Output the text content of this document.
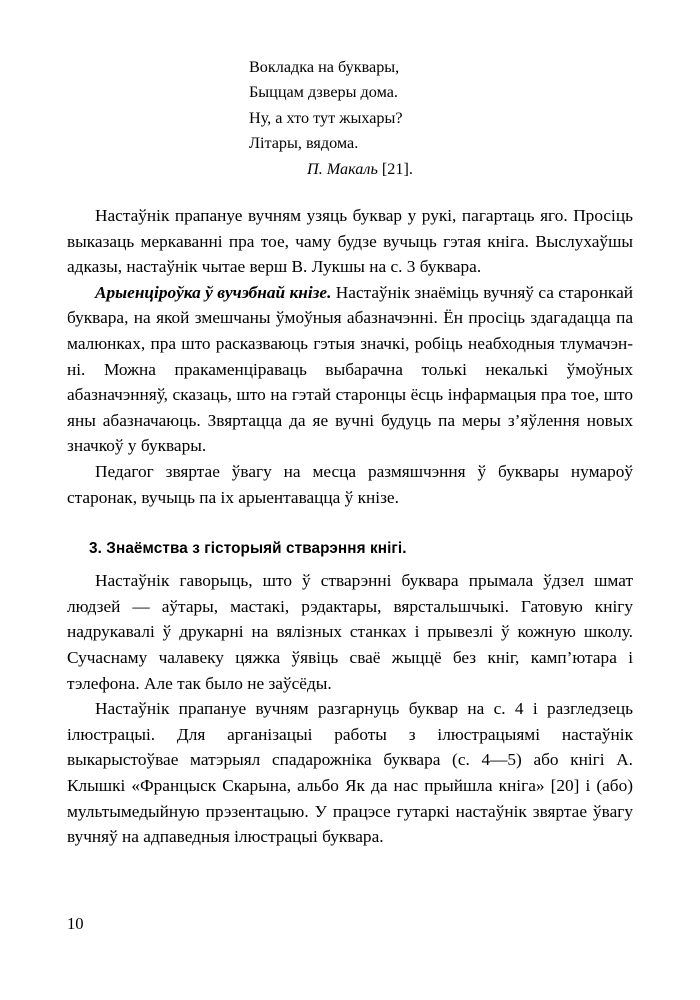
Вокладка на буквары,
Быццам дзверы дома.
Ну, а хто тут жыхары?
Літары, вядома.
П. Макаль [21].

Настаўнік прапануе вучням узяць буквар у рукі, пагартаць яго. Просіць выказаць меркаванні пра тое, чаму будзе вучыць гэтая кніга. Выслухаўшы адказы, настаўнік чытае верш В. Лукшы на с. 3 буквара.

Арыенціроўка ў вучэбнай кнізе. Настаўнік знаёміць вучняў са старонкай буквара, на якой змешчаны ўмоўныя абазначэнні. Ён просіць здагадацца па малюнках, пра што расказваюць гэтыя значкі, робіць неабходныя тлумачэнні. Можна пракаменціраваць выбарачна толькі некалькі ўмоўных абазначэнняў, сказаць, што на гэтай старонцы ёсць інфармацыя пра тое, што яны абазначаюць. Звяртацца да яе вучні будуць па меры з’яўлення новых значкоў у буквары.

Педагог звяртае ўвагу на месца размяшчэння ў буквары нумароў старонак, вучыць па іх арыентавацца ў кнізе.

3. Знаёмства з гісторыяй стварэння кнігі.

Настаўнік гаворыць, што ў стварэнні буквара прымала ўдзел шмат людзей — аўтары, мастакі, рэдактары, вярстальшчыкі. Гатовую кнігу надрукавалі ў друкарні на вялізных станках і прывезлі ў кожную школу. Сучаснаму чалавеку цяжка ўявіць сваё жыццё без кніг, камп’ютара і тэлефона. Але так было не заўсёды.

Настаўнік прапануе вучням разгарнуць буквар на с. 4 і разгледзець ілюстрацыі. Для арганізацыі работы з ілюстрацыямі настаўнік выкарыстоўвае матэрыял спадарожніка буквара (с. 4—5) або кнігі А. Клышкі «Францыск Скарына, альбо Як да нас прыйшла кніга» [20] і (або) мультымедыйную прэзентацыю. У працэсе гутаркі настаўнік звяртае ўвагу вучняў на адпаведныя ілюстрацыі буквара.

10
